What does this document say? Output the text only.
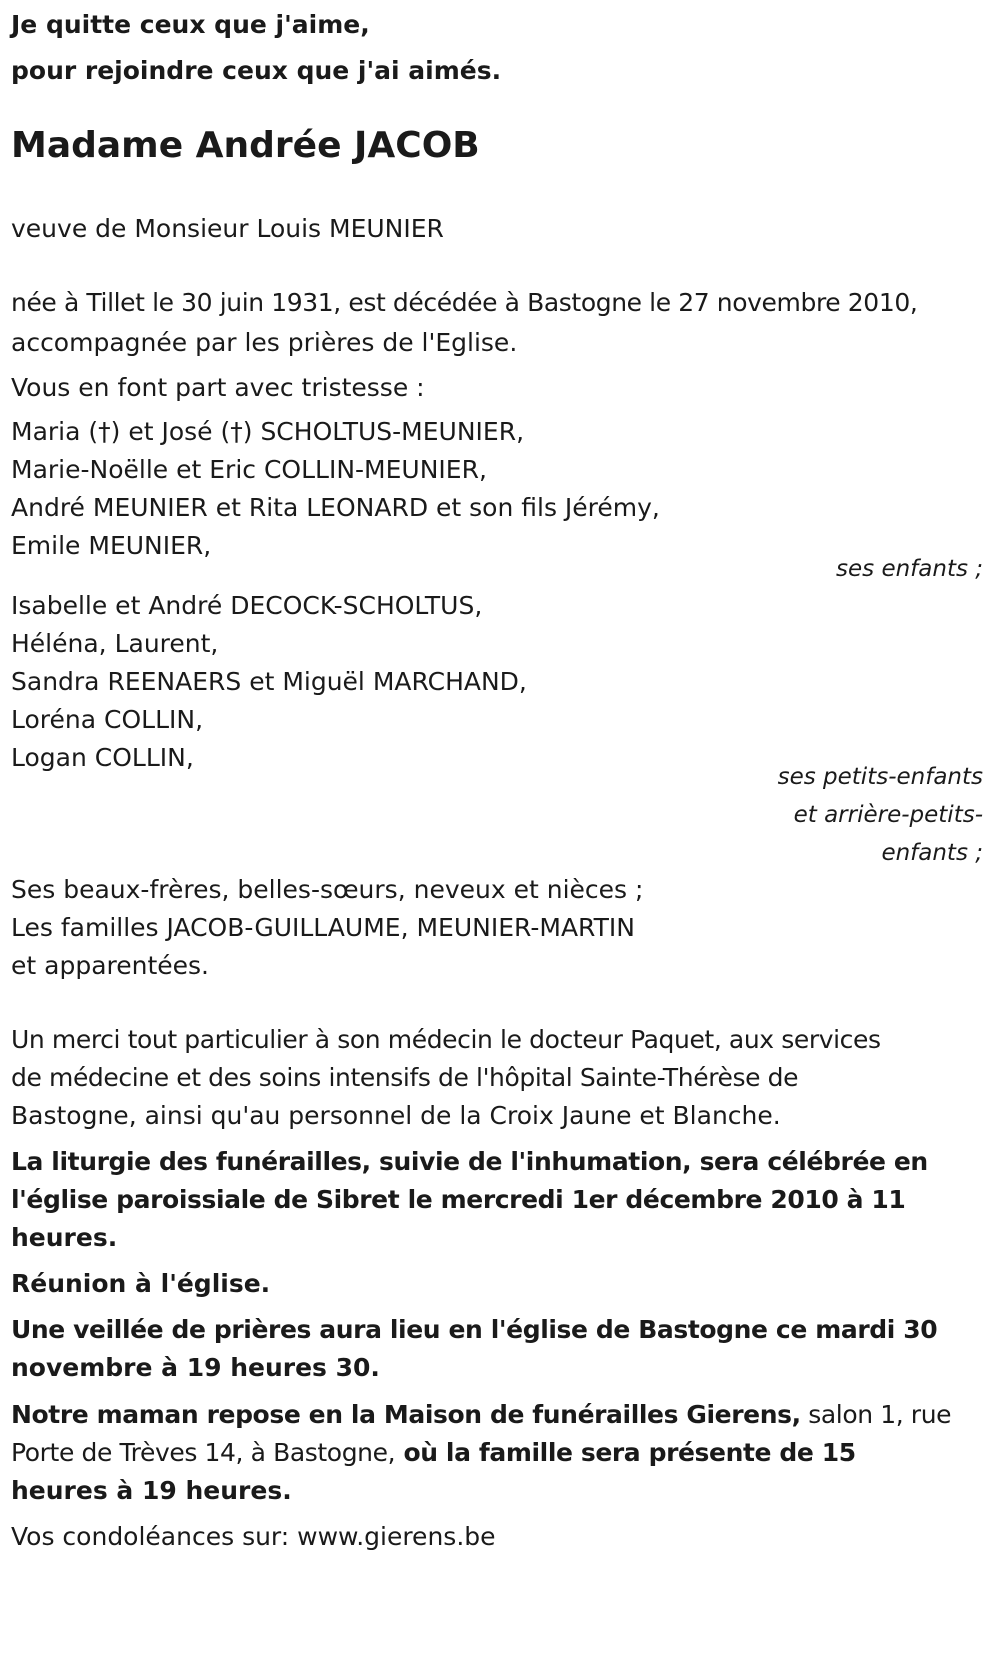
Je quitte ceux que j'aime,

pour rejoindre ceux que j'ai aimés.

Madame Andrée JACOB

veuve de Monsieur Louis MEUNIER

née à Tillet le 30 juin 1931, est décédée à Bastogne le 27 novembre 2010,

accompagnée par les prières de l'Eglise.

Vous en font part avec tristesse :

Maria (†) et José (†) SCHOLTUS-MEUNIER,

Marie-Noëlle et Eric COLLIN-MEUNIER,

André MEUNIER et Rita LEONARD et son fils Jérémy,

Emile MEUNIER,

ses enfants ;

Isabelle et André DECOCK-SCHOLTUS,

Héléna, Laurent,

Sandra REENAERS et Miguël MARCHAND,

Loréna COLLIN,

Logan COLLIN,

ses petits-enfants

et arrière-petits-

enfants ;

Ses beaux-frères, belles-sœurs, neveux et nièces ;

Les familles JACOB-GUILLAUME, MEUNIER-MARTIN

et apparentées.

Un merci tout particulier à son médecin le docteur Paquet, aux services

de médecine et des soins intensifs de l'hôpital Sainte-Thérèse de

Bastogne, ainsi qu'au personnel de la Croix Jaune et Blanche.

La liturgie des funérailles, suivie de l'inhumation, sera célébrée en

l'église paroissiale de Sibret le mercredi 1er décembre 2010 à 11

heures.

Réunion à l'église.

Une veillée de prières aura lieu en l'église de Bastogne ce mardi 30

novembre à 19 heures 30.

Notre maman repose en la Maison de funérailles Gierens, salon 1, rue

Porte de Trèves 14, à Bastogne, où la famille sera présente de 15

heures à 19 heures.

Vos condoléances sur: www.gierens.be
